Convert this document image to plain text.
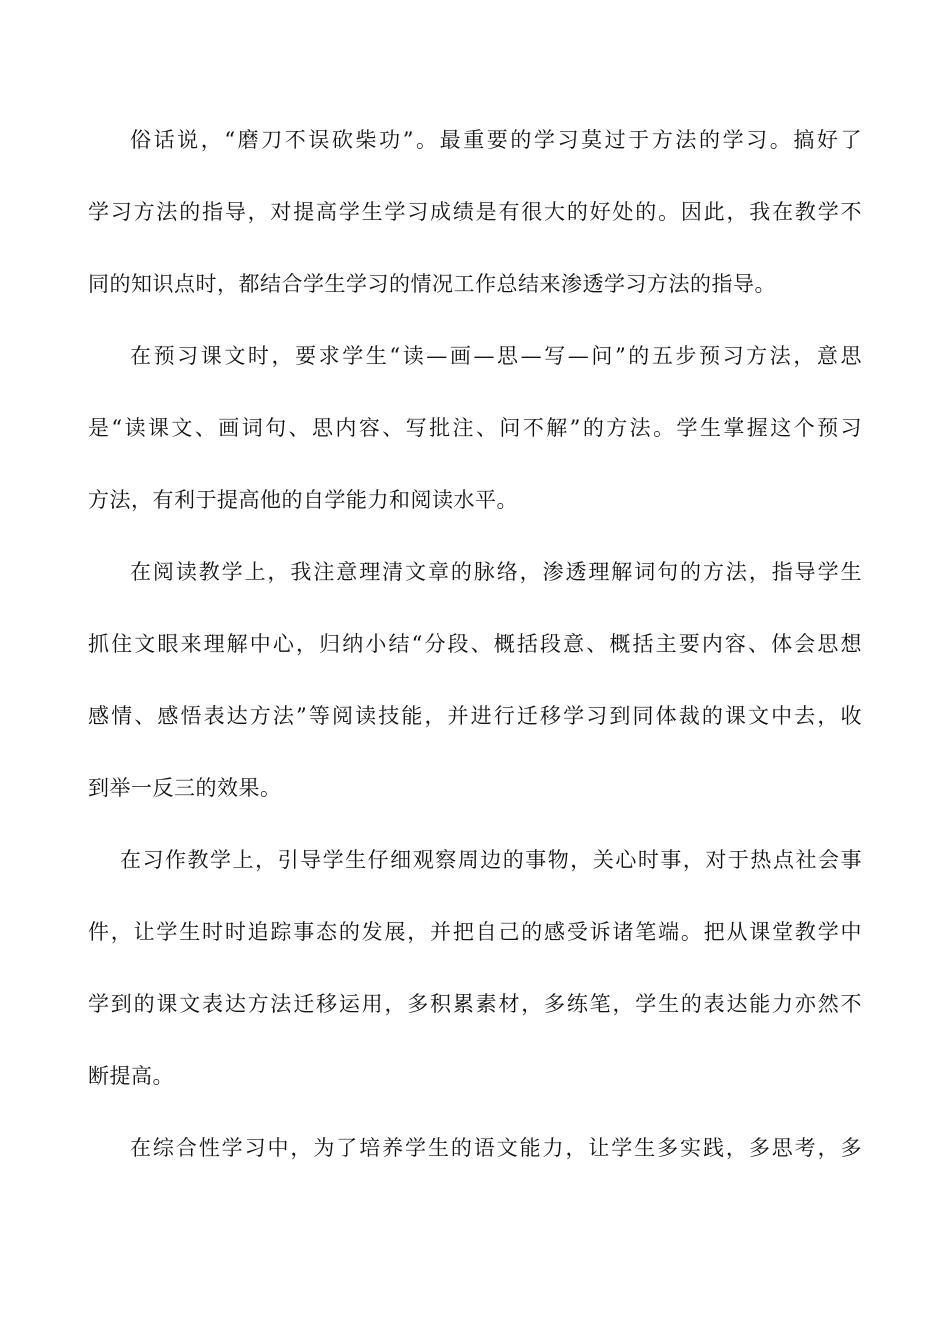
俗话说，“磨刀不误砍柴功”。最重要的学习莫过于方法的学习。搞好了
学习方法的指导，对提高学生学习成绩是有很大的好处的。因此，我在教学不
同的知识点时，都结合学生学习的情况工作总结来渗透学习方法的指导。
在预习课文时，要求学生“读—画—思—写—问”的五步预习方法，意思
是“读课文、画词句、思内容、写批注、问不解”的方法。学生掌握这个预习
方法，有利于提高他的自学能力和阅读水平。
在阅读教学上，我注意理清文章的脉络，渗透理解词句的方法，指导学生
抓住文眼来理解中心，归纳小结“分段、概括段意、概括主要内容、体会思想
感情、感悟表达方法”等阅读技能，并进行迁移学习到同体裁的课文中去，收
到举一反三的效果。
在习作教学上，引导学生仔细观察周边的事物，关心时事，对于热点社会事
件，让学生时时追踪事态的发展，并把自己的感受诉诸笔端。把从课堂教学中
学到的课文表达方法迁移运用，多积累素材，多练笔，学生的表达能力亦然不
断提高。
在综合性学习中，为了培养学生的语文能力，让学生多实践，多思考，多
